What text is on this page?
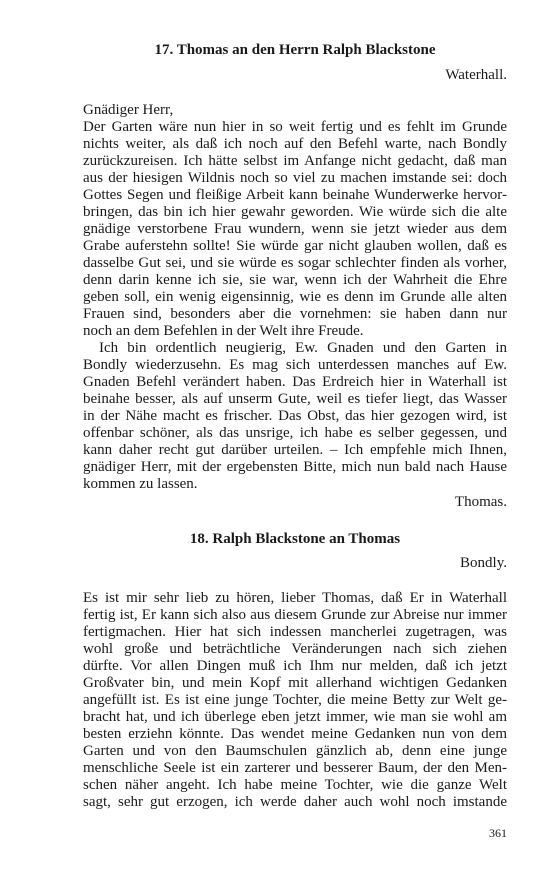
17. Thomas an den Herrn Ralph Blackstone
Waterhall.
Gnädiger Herr,
Der Garten wäre nun hier in so weit fertig und es fehlt im Grunde
nichts weiter, als daß ich noch auf den Befehl warte, nach Bondly
zurückzureisen. Ich hätte selbst im Anfange nicht gedacht, daß man
aus der hiesigen Wildnis noch so viel zu machen imstande sei: doch
Gottes Segen und fleißige Arbeit kann beinahe Wunderwerke hervor-
bringen, das bin ich hier gewahr geworden. Wie würde sich die alte
gnädige verstorbene Frau wundern, wenn sie jetzt wieder aus dem
Grabe auferstehn sollte! Sie würde gar nicht glauben wollen, daß es
dasselbe Gut sei, und sie würde es sogar schlechter finden als vorher,
denn darin kenne ich sie, sie war, wenn ich der Wahrheit die Ehre
geben soll, ein wenig eigensinnig, wie es denn im Grunde alle alten
Frauen sind, besonders aber die vornehmen: sie haben dann nur
noch an dem Befehlen in der Welt ihre Freude.
Ich bin ordentlich neugierig, Ew. Gnaden und den Garten in
Bondly wiederzusehn. Es mag sich unterdessen manches auf Ew.
Gnaden Befehl verändert haben. Das Erdreich hier in Waterhall ist
beinahe besser, als auf unserm Gute, weil es tiefer liegt, das Wasser
in der Nähe macht es frischer. Das Obst, das hier gezogen wird, ist
offenbar schöner, als das unsrige, ich habe es selber gegessen, und
kann daher recht gut darüber urteilen. – Ich empfehle mich Ihnen,
gnädiger Herr, mit der ergebensten Bitte, mich nun bald nach Hause
kommen zu lassen.
Thomas.
18. Ralph Blackstone an Thomas
Bondly.
Es ist mir sehr lieb zu hören, lieber Thomas, daß Er in Waterhall
fertig ist, Er kann sich also aus diesem Grunde zur Abreise nur immer
fertigmachen. Hier hat sich indessen mancherlei zugetragen, was
wohl große und beträchtliche Veränderungen nach sich ziehen
dürfte. Vor allen Dingen muß ich Ihm nur melden, daß ich jetzt
Großvater bin, und mein Kopf mit allerhand wichtigen Gedanken
angefüllt ist. Es ist eine junge Tochter, die meine Betty zur Welt ge-
bracht hat, und ich überlege eben jetzt immer, wie man sie wohl am
besten erziehn könnte. Das wendet meine Gedanken nun von dem
Garten und von den Baumschulen gänzlich ab, denn eine junge
menschliche Seele ist ein zarterer und besserer Baum, der den Men-
schen näher angeht. Ich habe meine Tochter, wie die ganze Welt
sagt, sehr gut erzogen, ich werde daher auch wohl noch imstande
361
